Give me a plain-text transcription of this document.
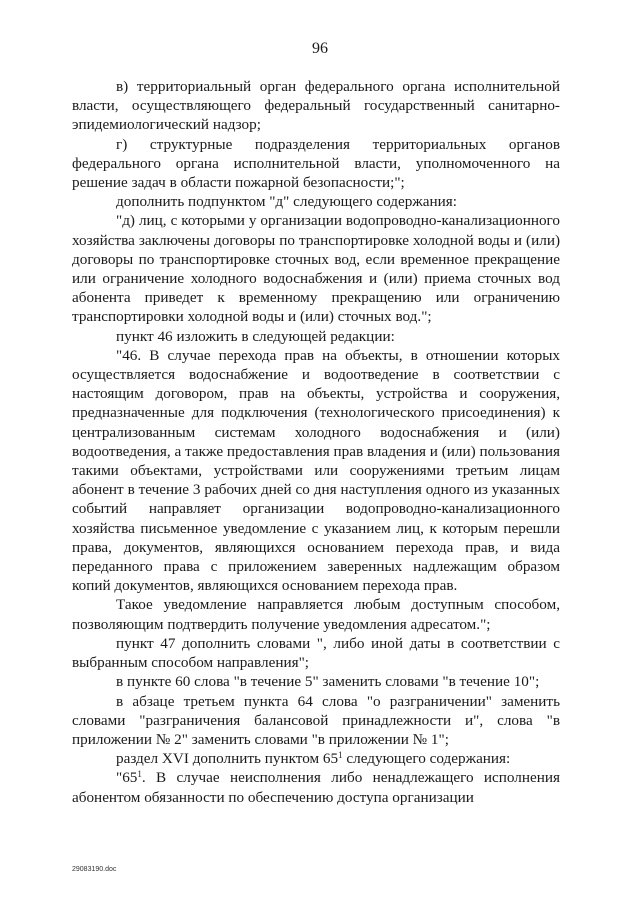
96

в) территориальный орган федерального органа исполнительной власти, осуществляющего федеральный государственный санитарно-эпидемиологический надзор;

г) структурные подразделения территориальных органов федерального органа исполнительной власти, уполномоченного на решение задач в области пожарной безопасности;";

дополнить подпунктом "д" следующего содержания:

"д) лиц, с которыми у организации водопроводно-канализационного хозяйства заключены договоры по транспортировке холодной воды и (или) договоры по транспортировке сточных вод, если временное прекращение или ограничение холодного водоснабжения и (или) приема сточных вод абонента приведет к временному прекращению или ограничению транспортировки холодной воды и (или) сточных вод.";

пункт 46 изложить в следующей редакции:

"46. В случае перехода прав на объекты, в отношении которых осуществляется водоснабжение и водоотведение в соответствии с настоящим договором, прав на объекты, устройства и сооружения, предназначенные для подключения (технологического присоединения) к централизованным системам холодного водоснабжения и (или) водоотведения, а также предоставления прав владения и (или) пользования такими объектами, устройствами или сооружениями третьим лицам абонент в течение 3 рабочих дней со дня наступления одного из указанных событий направляет организации водопроводно-канализационного хозяйства письменное уведомление с указанием лиц, к которым перешли права, документов, являющихся основанием перехода прав, и вида переданного права с приложением заверенных надлежащим образом копий документов, являющихся основанием перехода прав.

Такое уведомление направляется любым доступным способом, позволяющим подтвердить получение уведомления адресатом.";

пункт 47 дополнить словами ", либо иной даты в соответствии с выбранным способом направления";

в пункте 60 слова "в течение 5" заменить словами "в течение 10";

в абзаце третьем пункта 64 слова "о разграничении" заменить словами "разграничения балансовой принадлежности и", слова "в приложении № 2" заменить словами "в приложении № 1";

раздел XVI дополнить пунктом $65^1$ следующего содержания:

"$65^1$. В случае неисполнения либо ненадлежащего исполнения абонентом обязанности по обеспечению доступа организации

29083190.doc
